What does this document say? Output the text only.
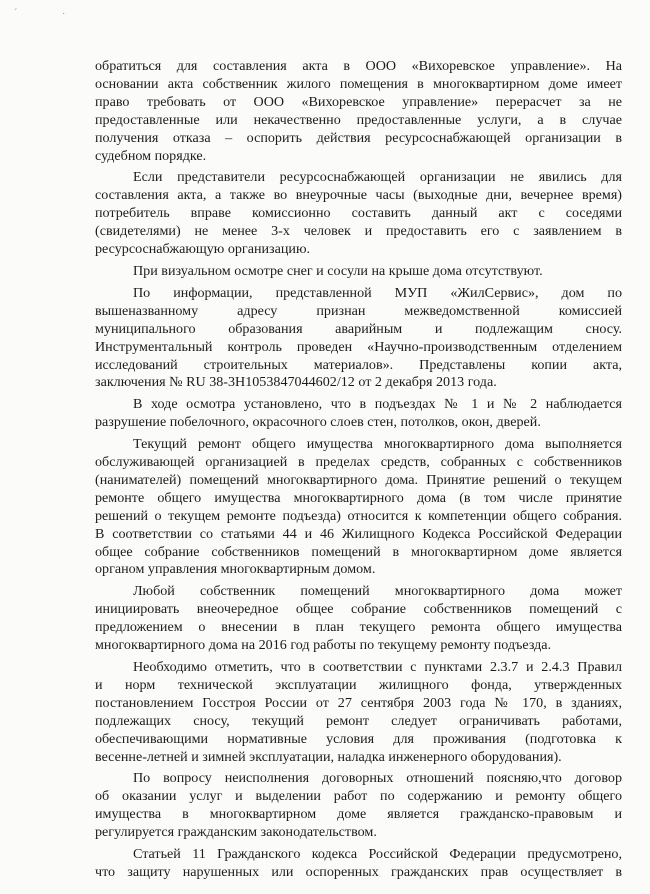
´	˙
обратиться для составления акта в ООО «Вихоревское управление». На
основании акта собственник жилого помещения в многоквартирном доме имеет
право требовать от ООО «Вихоревское управление» перерасчет за не
предоставленные или некачественно предоставленные услуги, а в случае
получения отказа – оспорить действия ресурсоснабжающей организации в
судебном порядке.
Если представители ресурсоснабжающей организации не явились для
составления акта, а также во внеурочные часы (выходные дни, вечернее время)
потребитель вправе комиссионно составить данный акт с соседями
(свидетелями) не менее 3-х человек и предоставить его с заявлением в
ресурсоснабжающую организацию.
При визуальном осмотре снег и сосули на крыше дома отсутствуют.
По информации, представленной МУП «ЖилСервис», дом по
вышеназванному адресу признан межведомственной комиссией
муниципального образования аварийным и подлежащим сносу.
Инструментальный контроль проведен «Научно-производственным отделением
исследований строительных материалов». Представлены копии акта,
заключения № RU 38-3Н1053847044602/12 от 2 декабря 2013 года.
В ходе осмотра установлено, что в подъездах № 1 и № 2 наблюдается
разрушение побелочного, окрасочного слоев стен, потолков, окон, дверей.
Текущий ремонт общего имущества многоквартирного дома выполняется
обслуживающей организацией в пределах средств, собранных с собственников
(нанимателей) помещений многоквартирного дома. Принятие решений о текущем
ремонте общего имущества многоквартирного дома (в том числе принятие
решений о текущем ремонте подъезда) относится к компетенции общего собрания.
В соответствии со статьями 44 и 46 Жилищного Кодекса Российской Федерации
общее собрание собственников помещений в многоквартирном доме является
органом управления многоквартирным домом.
Любой собственник помещений многоквартирного дома может
инициировать внеочередное общее собрание собственников помещений с
предложением о внесении в план текущего ремонта общего имущества
многоквартирного дома на 2016 год работы по текущему ремонту подъезда.
Необходимо отметить, что в соответствии с пунктами 2.3.7 и 2.4.3 Правил
и норм технической эксплуатации жилищного фонда, утвержденных
постановлением Госстроя России от 27 сентября 2003 года № 170, в зданиях,
подлежащих сносу, текущий ремонт следует ограничивать работами,
обеспечивающими нормативные условия для проживания (подготовка к
весенне-летней и зимней эксплуатации, наладка инженерного оборудования).
По вопросу неисполнения договорных отношений поясняю,что договор
об оказании услуг и выделении работ по содержанию и ремонту общего
имущества в многоквартирном доме является гражданско-правовым и
регулируется гражданским законодательством.
Статьей 11 Гражданского кодекса Российской Федерации предусмотрено,
что защиту нарушенных или оспоренных гражданских прав осуществляет в
